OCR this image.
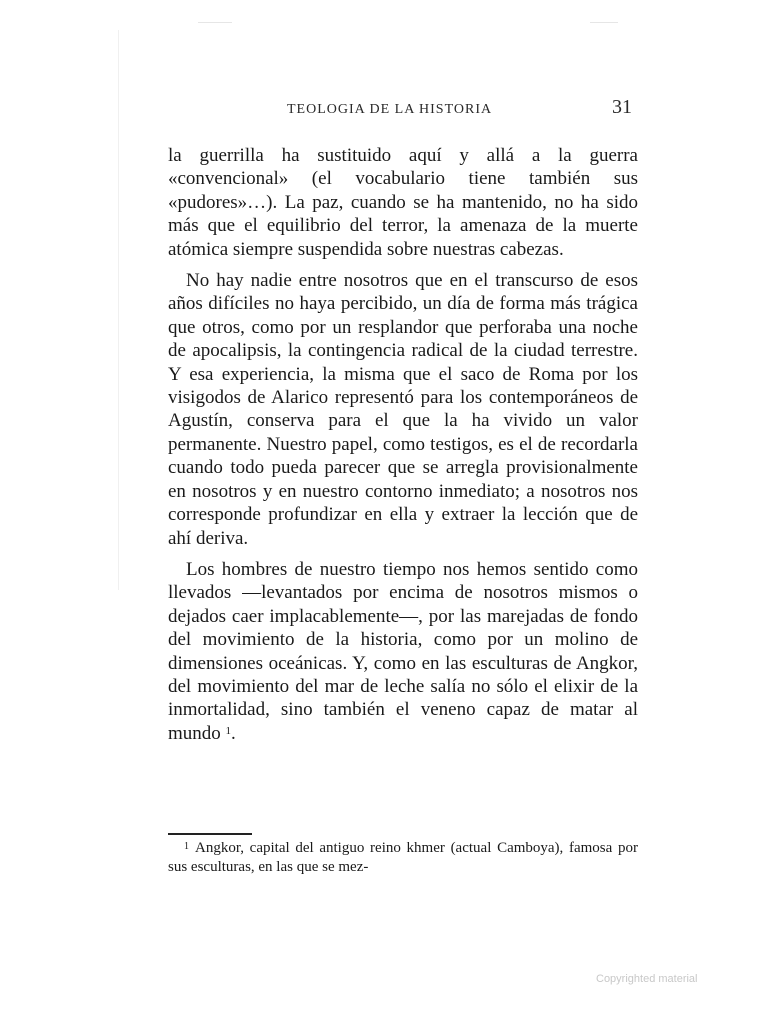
TEOLOGIA DE LA HISTORIA	31

la guerrilla ha sustituido aquí y allá a la guerra «convencional» (el vocabulario tiene también sus «pudores»…). La paz, cuando se ha mantenido, no ha sido más que el equilibrio del terror, la amenaza de la muerte atómica siempre suspendida sobre nuestras cabezas.

No hay nadie entre nosotros que en el transcurso de esos años difíciles no haya percibido, un día de forma más trágica que otros, como por un resplandor que perforaba una noche de apocalipsis, la contingencia radical de la ciudad terrestre. Y esa experiencia, la misma que el saco de Roma por los visigodos de Alarico representó para los contemporáneos de Agustín, conserva para el que la ha vivido un valor permanente. Nuestro papel, como testigos, es el de recordarla cuando todo pueda parecer que se arregla provisionalmente en nosotros y en nuestro contorno inmediato; a nosotros nos corresponde profundizar en ella y extraer la lección que de ahí deriva.

Los hombres de nuestro tiempo nos hemos sentido como llevados —levantados por encima de nosotros mismos o dejados caer implacablemente—, por las marejadas de fondo del movimiento de la historia, como por un molino de dimensiones oceánicas. Y, como en las esculturas de Angkor, del movimiento del mar de leche salía no sólo el elixir de la inmortalidad, sino también el veneno capaz de matar al mundo $^1$.

$^1$ Angkor, capital del antiguo reino khmer (actual Camboya), famosa por sus esculturas, en las que se mez-
Copyrighted material
